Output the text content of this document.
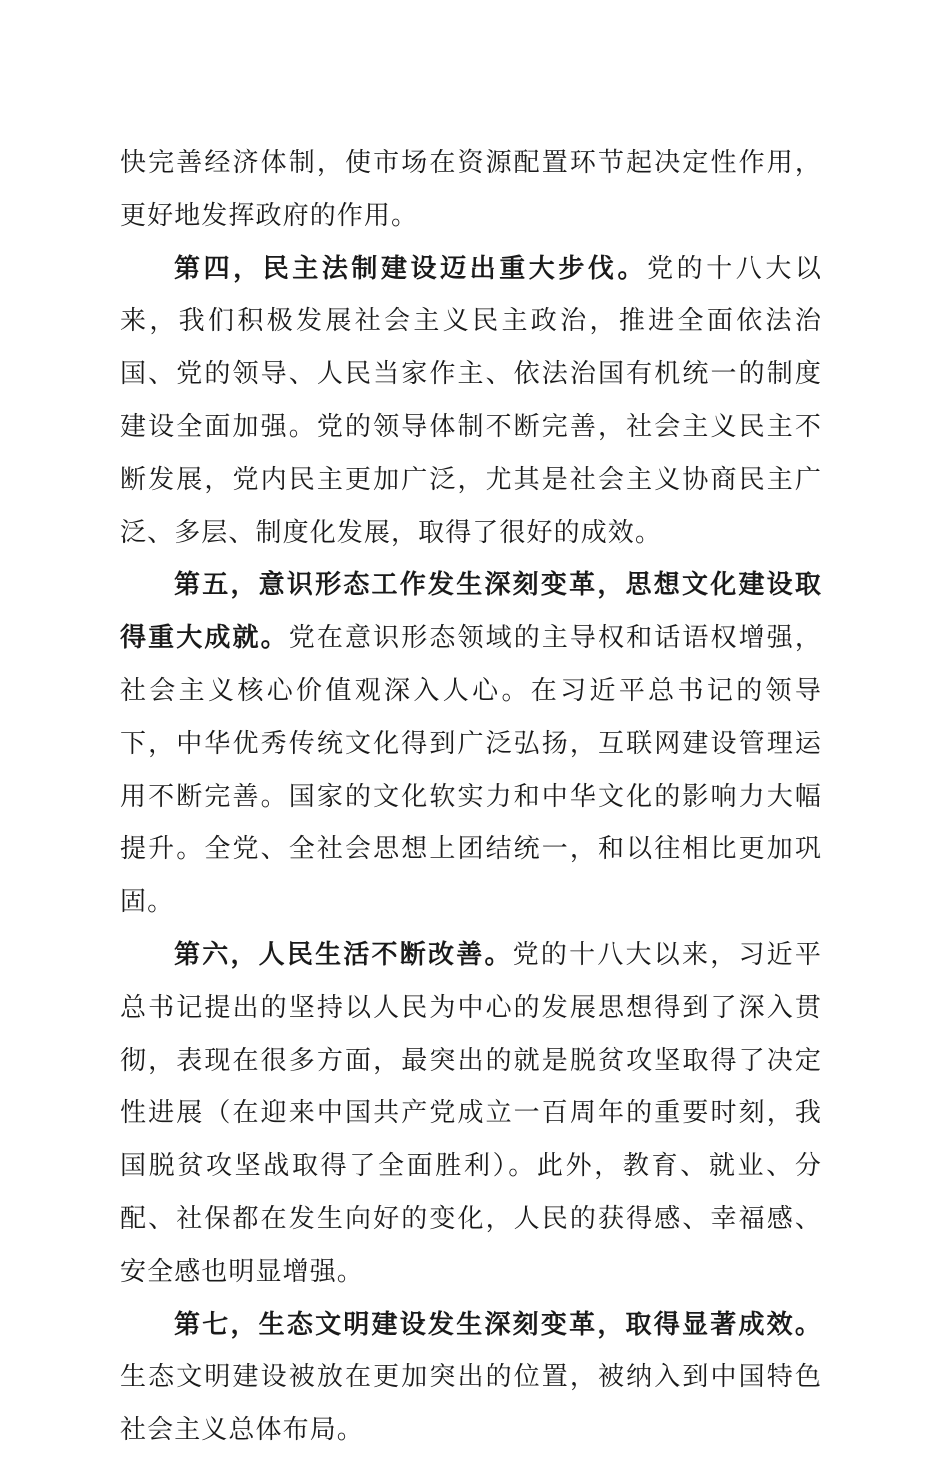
快完善经济体制，使市场在资源配置环节起决定性作用，更好地发挥政府的作用。

第四，民主法制建设迈出重大步伐。党的十八大以来，我们积极发展社会主义民主政治，推进全面依法治国、党的领导、人民当家作主、依法治国有机统一的制度建设全面加强。党的领导体制不断完善，社会主义民主不断发展，党内民主更加广泛，尤其是社会主义协商民主广泛、多层、制度化发展，取得了很好的成效。

第五，意识形态工作发生深刻变革，思想文化建设取得重大成就。党在意识形态领域的主导权和话语权增强，社会主义核心价值观深入人心。在习近平总书记的领导下，中华优秀传统文化得到广泛弘扬，互联网建设管理运用不断完善。国家的文化软实力和中华文化的影响力大幅提升。全党、全社会思想上团结统一，和以往相比更加巩固。

第六，人民生活不断改善。党的十八大以来，习近平总书记提出的坚持以人民为中心的发展思想得到了深入贯彻，表现在很多方面，最突出的就是脱贫攻坚取得了决定性进展（在迎来中国共产党成立一百周年的重要时刻，我国脱贫攻坚战取得了全面胜利）。此外，教育、就业、分配、社保都在发生向好的变化，人民的获得感、幸福感、安全感也明显增强。

第七，生态文明建设发生深刻变革，取得显著成效。生态文明建设被放在更加突出的位置，被纳入到中国特色社会主义总体布局。
